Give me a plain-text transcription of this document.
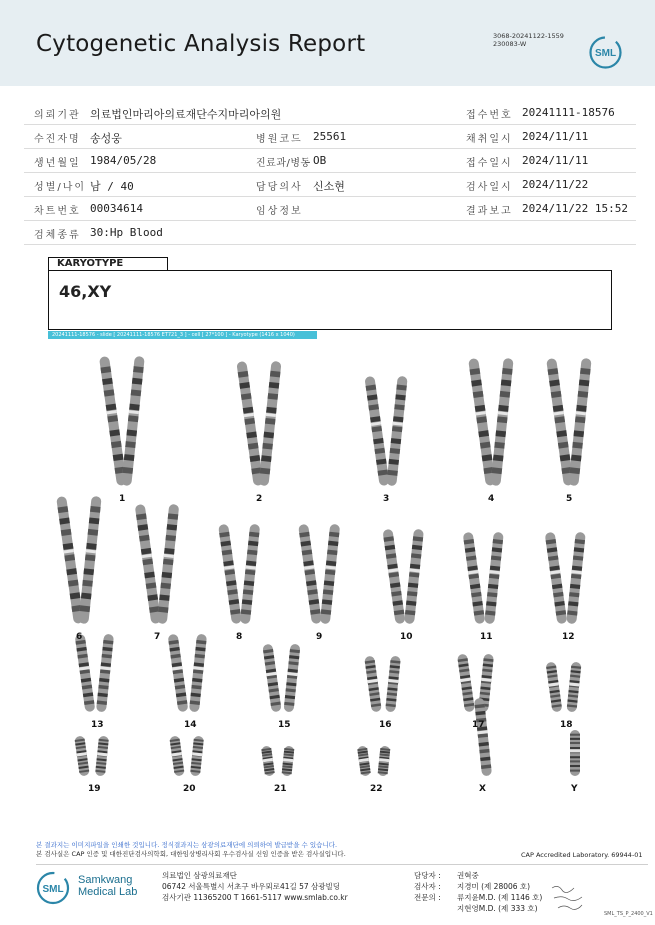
Cytogenetic Analysis Report	3068-20241122-1559
230083-W
SML
의뢰기관 의료법인마리아의료재단수지마리아의원	접수번호 20241111-18576
수진자명 송성웅	병원코드 25561	채취일시 2024/11/11
생년월일 1984/05/28	진료과/병동 OB	접수일시 2024/11/11
성별/나이 남 / 40	담당의사 신소현	검사일시 2024/11/22
차트번호 00034614	임상정보	결과보고 2024/11/22 15:52
검체종류 30:Hp Blood
KARYOTYPE
46,XY
20241111-18576 - slide [ 20241111-18576 ET721_3 ] - cell [ 27*100 ] - Karyotype (1416 x 1040)
1	2	3	4	5
6	7	8	9	10	11	12
13	14	15	16	17	18
19	20	21	22	X	Y
본 결과지는 이미지파일을 인쇄한 것입니다. 정식결과지는 삼광의료재단에 의뢰하여 발급받을 수 있습니다.
본 검사실은 CAP 인증 및 대한진단검사의학회, 대한임상병리사회 우수검사실 신임 인증을 받은 검사실입니다.	CAP Accredited Laboratory. 69944-01
SML
Samkwang
Medical Lab
의료법인 삼광의료재단
06742 서울특별시 서초구 바우뫼로41길 57 삼광빌딩
검사기관 11365200 T 1661-5117 www.smlab.co.kr
담당자 : 권혁중
검사자 : 지경미 (제 28006 호)
전문의 : 류지윤M.D. (제 1146 호)
지현영M.D. (제 333 호)
SML_TS_P_2400_V1
